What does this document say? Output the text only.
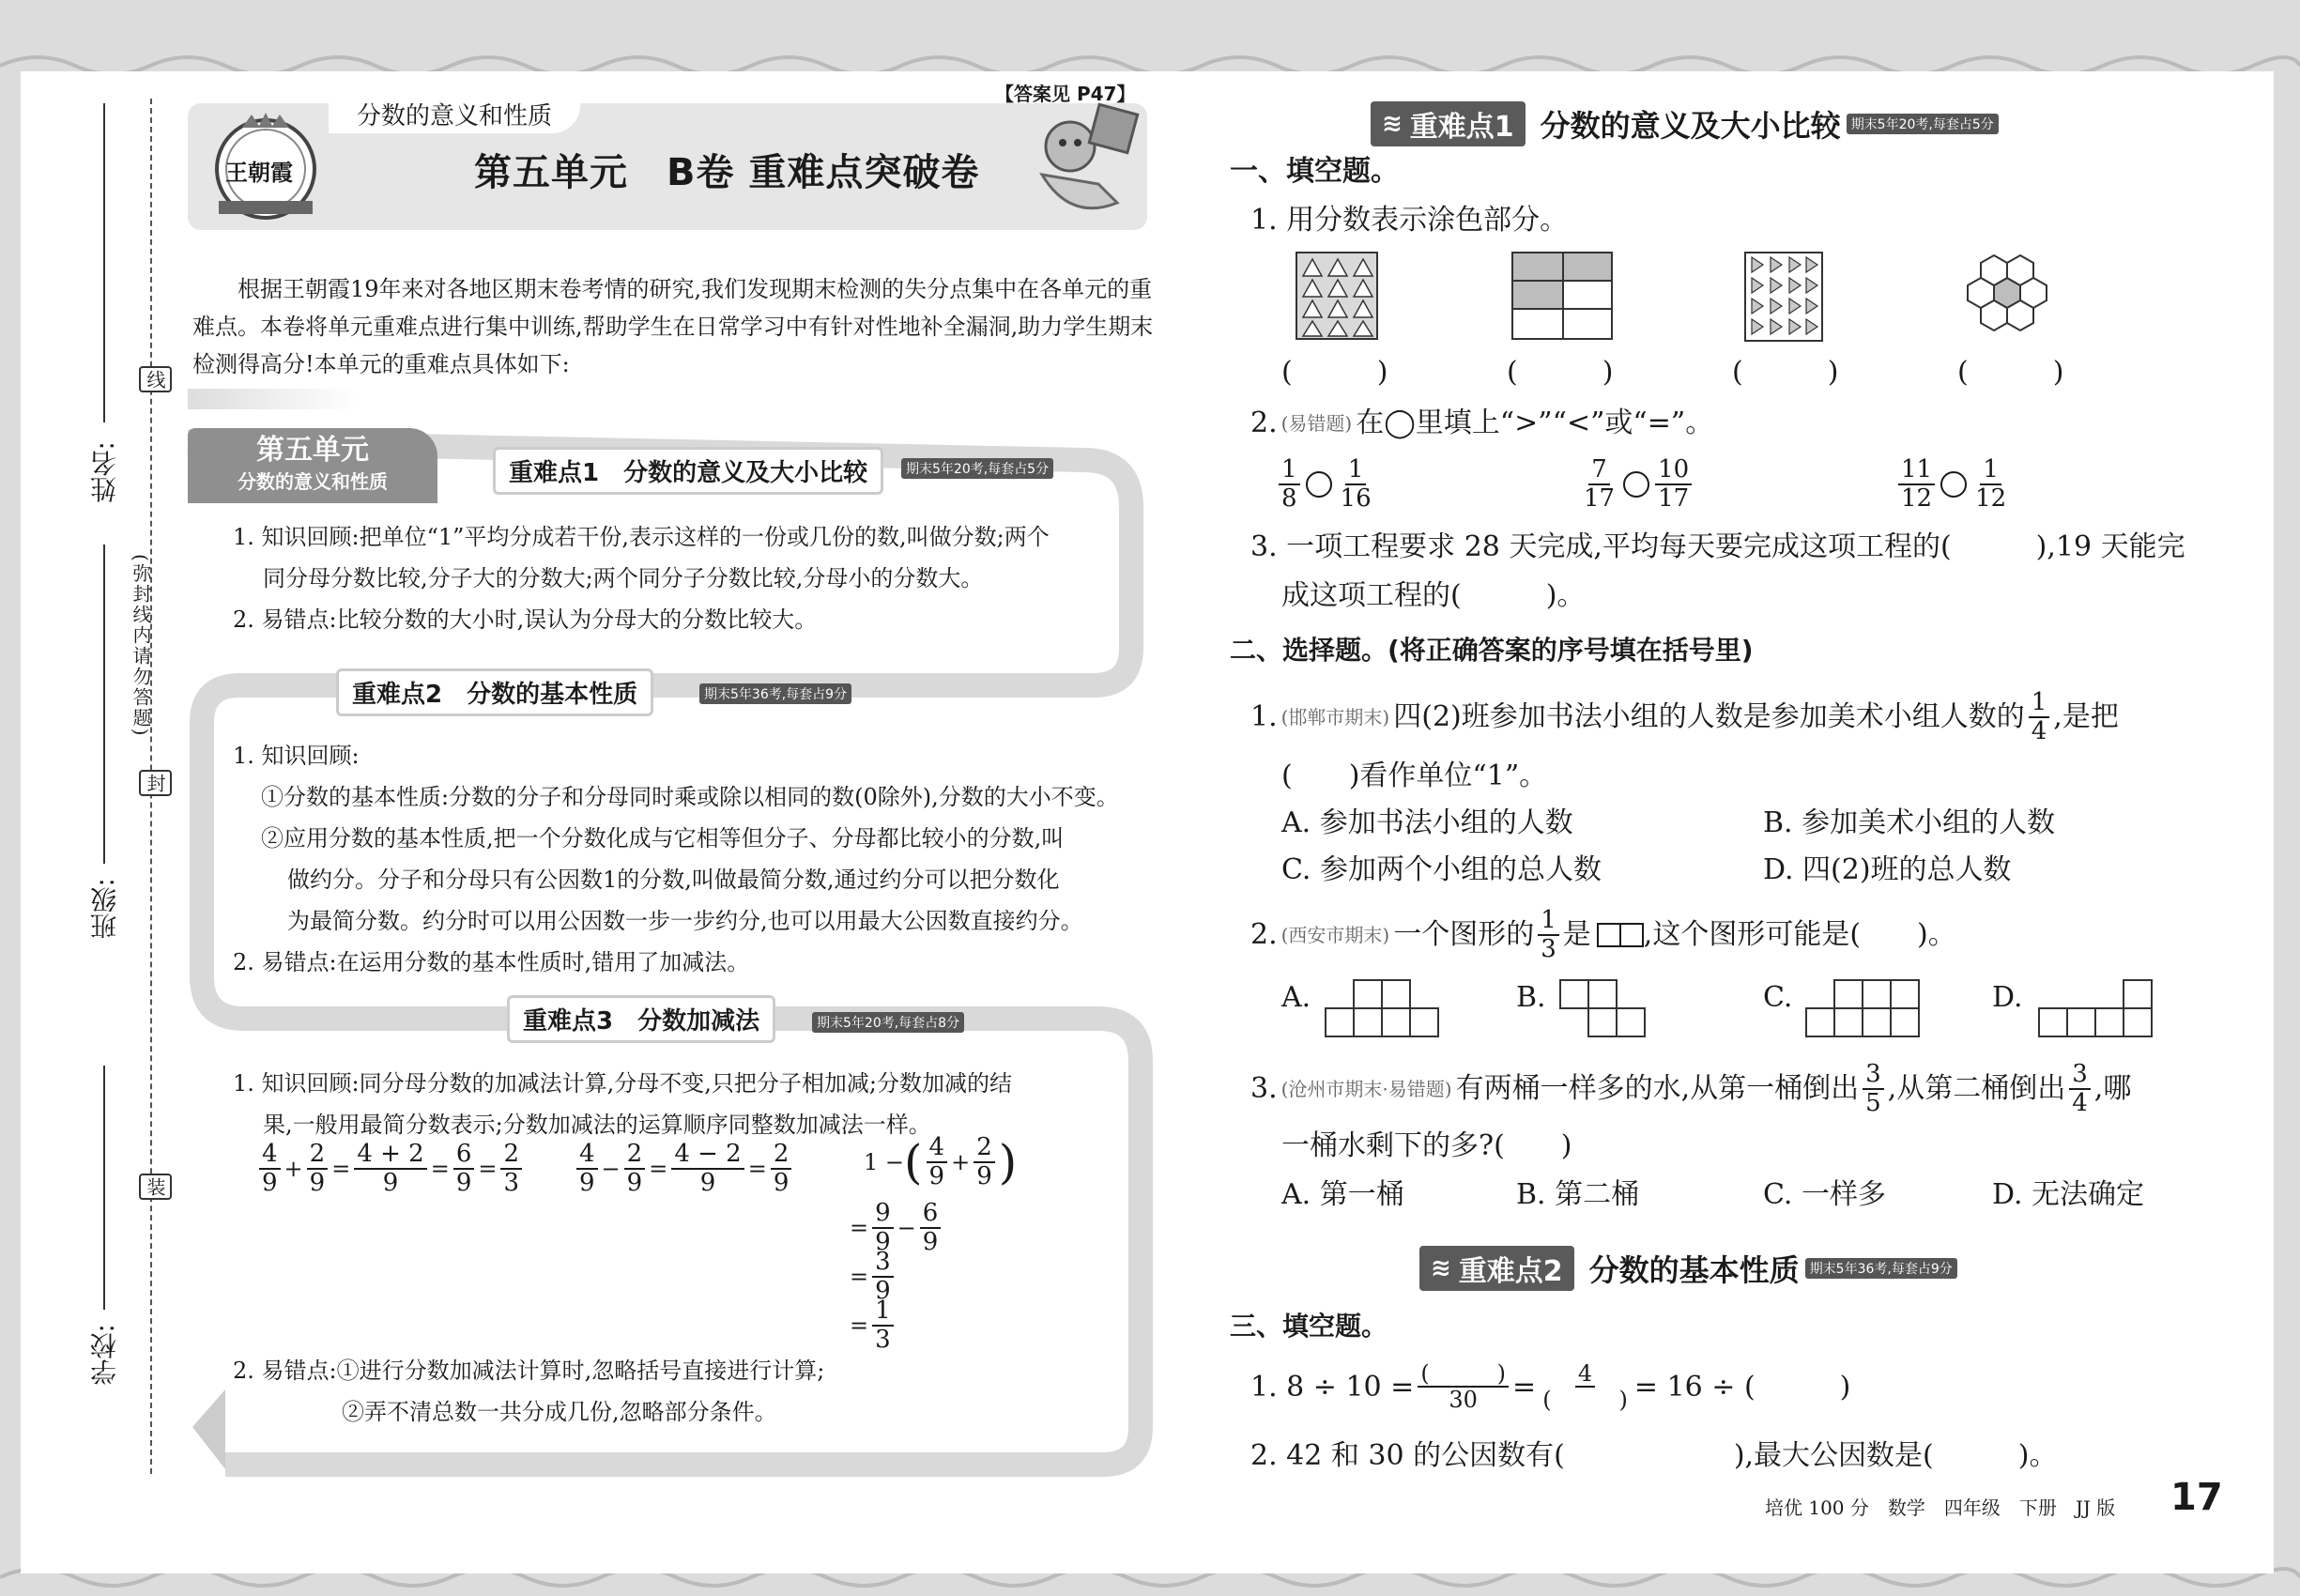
姓名:
班级:
学校:
线
封
装
(弥封线内请勿答题)
分数的意义和性质
【答案见 P47】
第五单元　B卷 重难点突破卷
王朝霞
根据王朝霞19年来对各地区期末卷考情的研究,我们发现期末检测的失分点集中在各单元的重难点。本卷将单元重难点进行集中训练,帮助学生在日常学习中有针对性地补全漏洞,助力学生期末检测得高分!本单元的重难点具体如下:
第五单元
分数的意义和性质	重难点1　分数的意义及大小比较	期末5年20考,每套占5分
1. 知识回顾:把单位“1”平均分成若干份,表示这样的一份或几份的数,叫做分数;两个
同分母分数比较,分子大的分数大;两个同分子分数比较,分母小的分数大。
2. 易错点:比较分数的大小时,误认为分母大的分数比较大。
重难点2　分数的基本性质	期末5年36考,每套占9分
1. 知识回顾:
①分数的基本性质:分数的分子和分母同时乘或除以相同的数(0除外),分数的大小不变。
②应用分数的基本性质,把一个分数化成与它相等但分子、分母都比较小的分数,叫
做约分。分子和分母只有公因数1的分数,叫做最简分数,通过约分可以把分数化
为最简分数。约分时可以用公因数一步一步约分,也可以用最大公因数直接约分。
2. 易错点:在运用分数的基本性质时,错用了加减法。
重难点3　分数加减法	期末5年20考,每套占8分
1. 知识回顾:同分母分数的加减法计算,分母不变,只把分子相加减;分数加减的结
果,一般用最简分数表示;分数加减法的运算顺序同整数加减法一样。
$\frac{4}{9} + \frac{2}{9} = \frac{4 + 2}{9} = \frac{6}{9} = \frac{2}{3} \frac{4}{9} - \frac{2}{9} = \frac{4 - 2}{9} = \frac{2}{9}$	1 − ( $\frac{4}{9} + \frac{2}{9}$ )
= $\frac{9}{9} - \frac{6}{9}$
= $\frac{3}{9}$
= $\frac{1}{3}$
2. 易错点:①进行分数加减法计算时,忽略括号直接进行计算;
②弄不清总数一共分成几份,忽略部分条件。
≋ 重难点1 分数的意义及大小比较 期末5年20考,每套占5分
一、填空题。
1. 用分数表示涂色部分。
(　　　)	(　　　)	(　　　)	(　　　)
2. (易错题) 在◯里填上“>”“<”或“=”。
$\frac{1}{8} \frac{1}{16}$	$\frac{7}{17} \frac{10}{17}$	$\frac{11}{12} \frac{1}{12}$
3. 一项工程要求 28 天完成,平均每天要完成这项工程的(　　　),19 天能完
成这项工程的(　　　)。
二、选择题。(将正确答案的序号填在括号里)
1. (邯郸市期末) 四(2)班参加书法小组的人数是参加美术小组人数的 $\frac{1}{4}$ ,是把
(　　)看作单位“1”。
A. 参加书法小组的人数	B. 参加美术小组的人数
C. 参加两个小组的总人数	D. 四(2)班的总人数
2. (西安市期末) 一个图形的 $\frac{1}{3}$ 是 ,这个图形可能是(　　)。
A.	B.	C.	D.
3. (沧州市期末·易错题) 有两桶一样多的水,从第一桶倒出 $\frac{3}{5}$ ,从第二桶倒出 $\frac{3}{4}$ ,哪
一桶水剩下的多?(　　)
A. 第一桶	B. 第二桶	C. 一样多	D. 无法确定
≋ 重难点2 分数的基本性质 期末5年36考,每套占9分
三、填空题。
1. $8 \div 10 = \frac{( )}{30} = \frac{4}{( )} = 16$ ÷ (　　　)
2. 42 和 30 的公因数有(　　　　　　),最大公因数是(　　　)。
培优 100 分　数学　四年级　下册　JJ 版 17
